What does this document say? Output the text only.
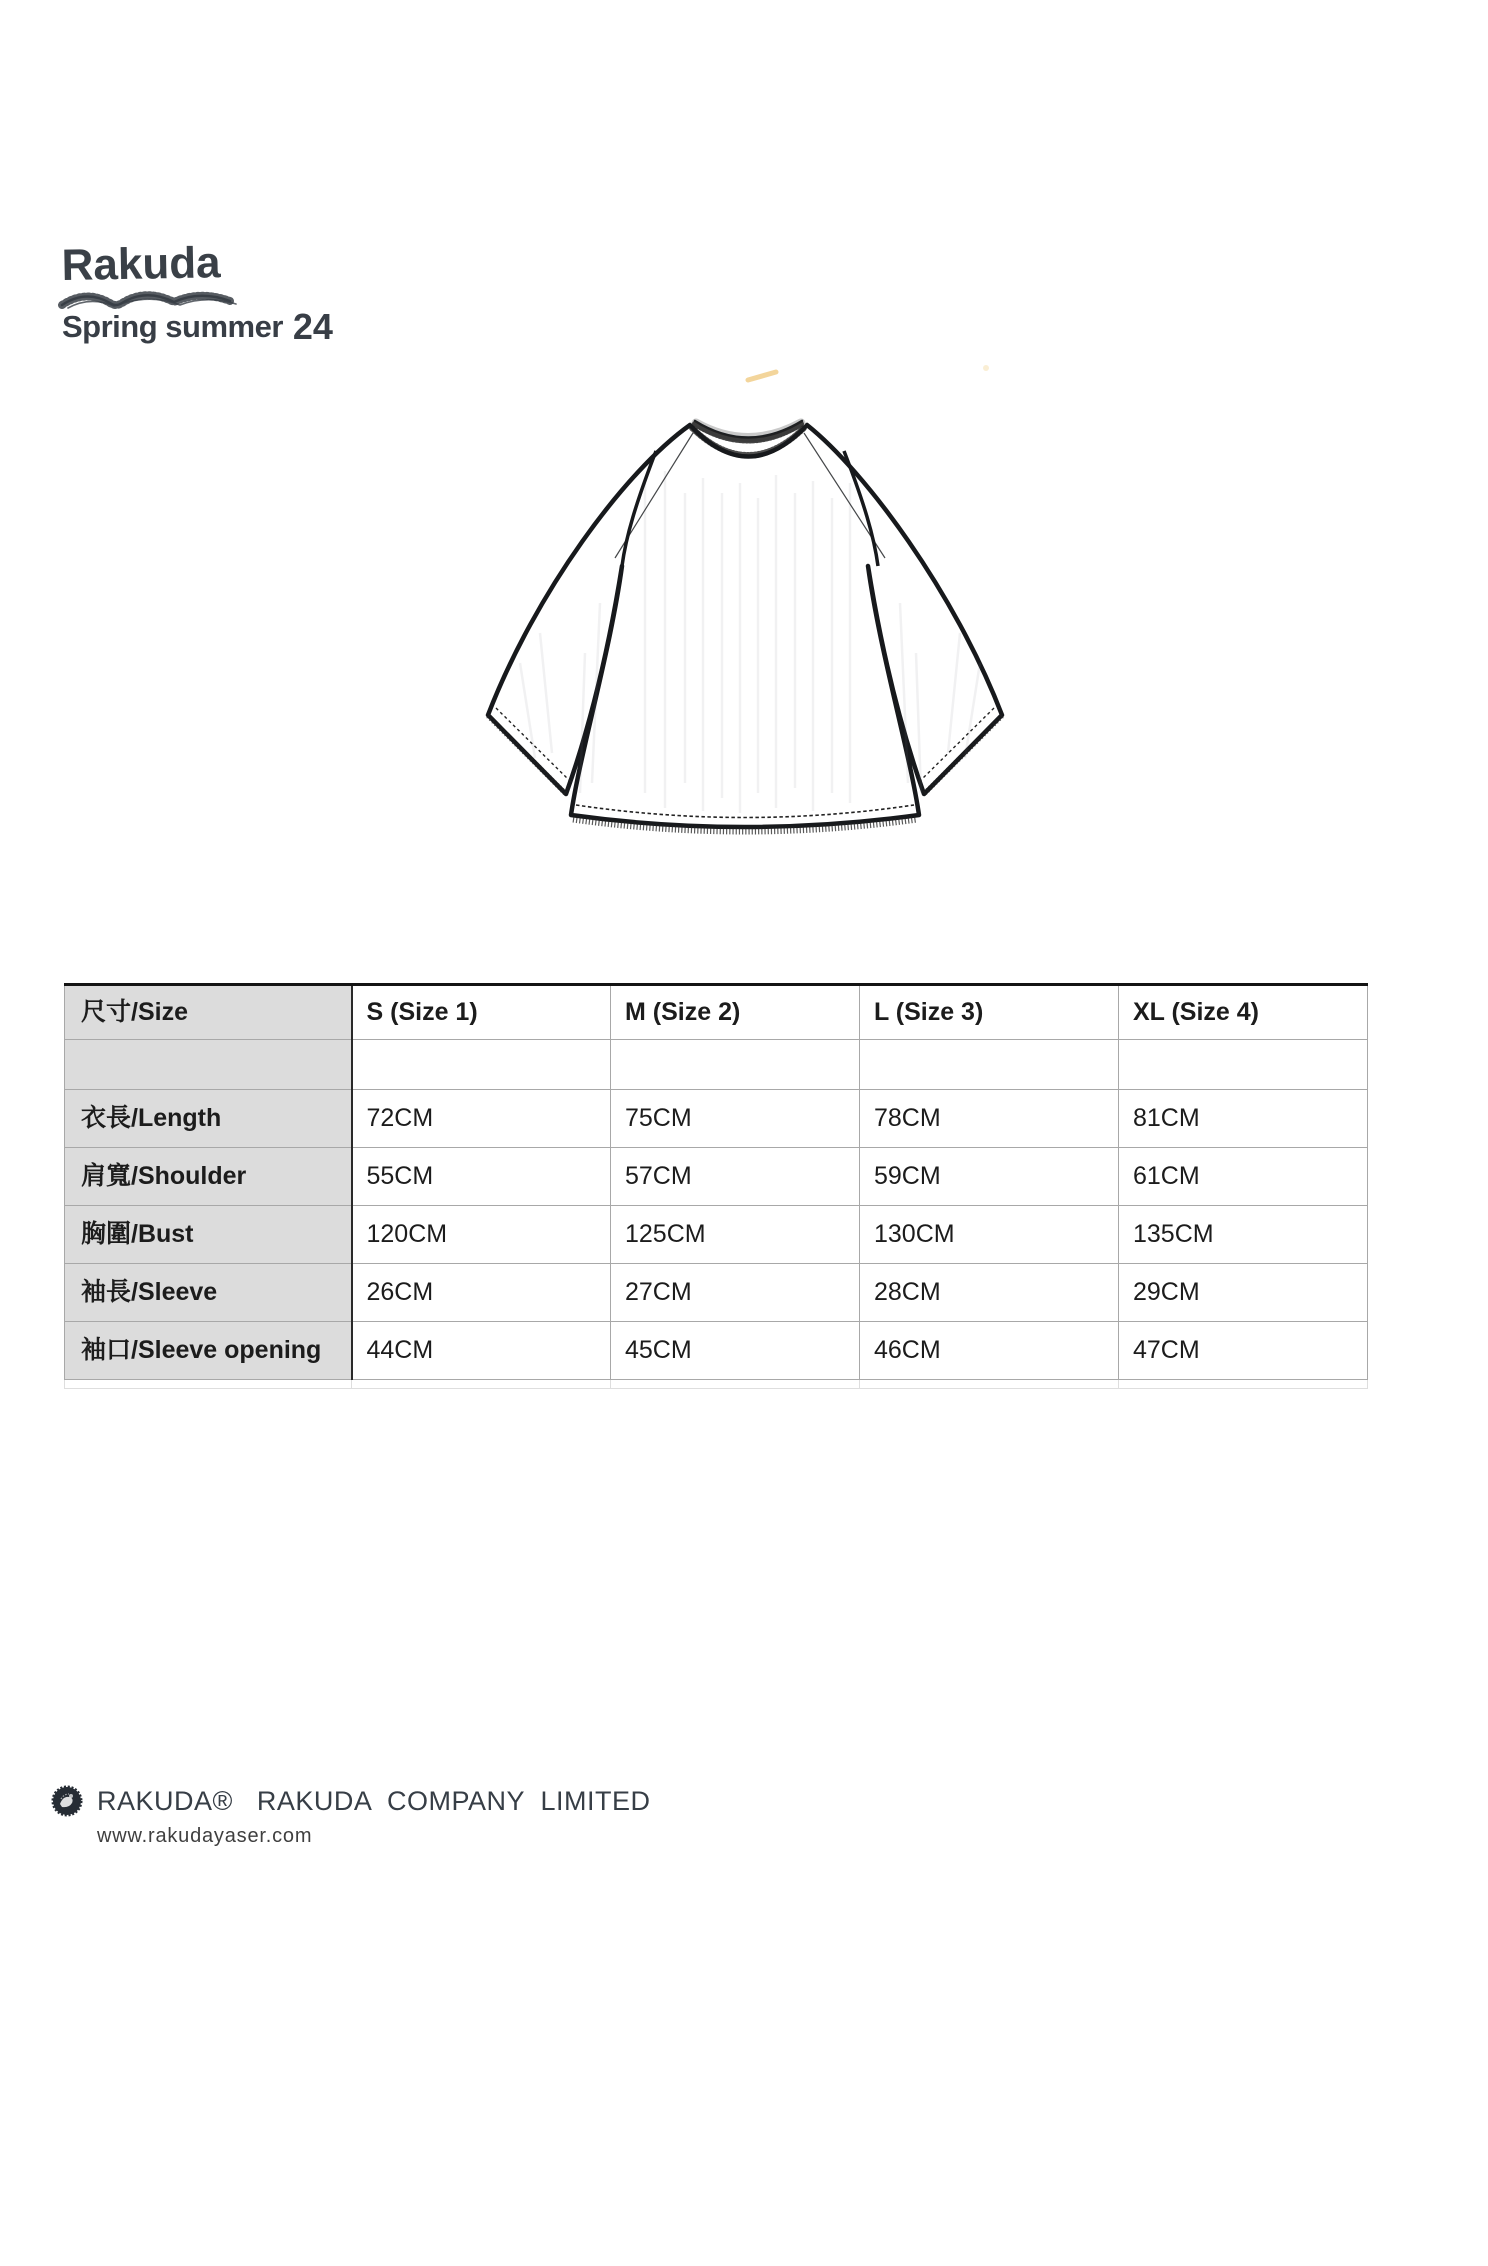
Rakuda
Spring summer 24
尺寸/Size	S (Size 1)	M (Size 2)	L (Size 3)	XL (Size 4)

衣長/Length	72CM	75CM	78CM	81CM
肩寬/Shoulder	55CM	57CM	59CM	61CM
胸圍/Bust	120CM	125CM	130CM	135CM
袖長/Sleeve	26CM	27CM	28CM	29CM
袖口/Sleeve opening	44CM	45CM	46CM	47CM

RAKUDA®   RAKUDA  COMPANY  LIMITED
www.rakudayaser.com
